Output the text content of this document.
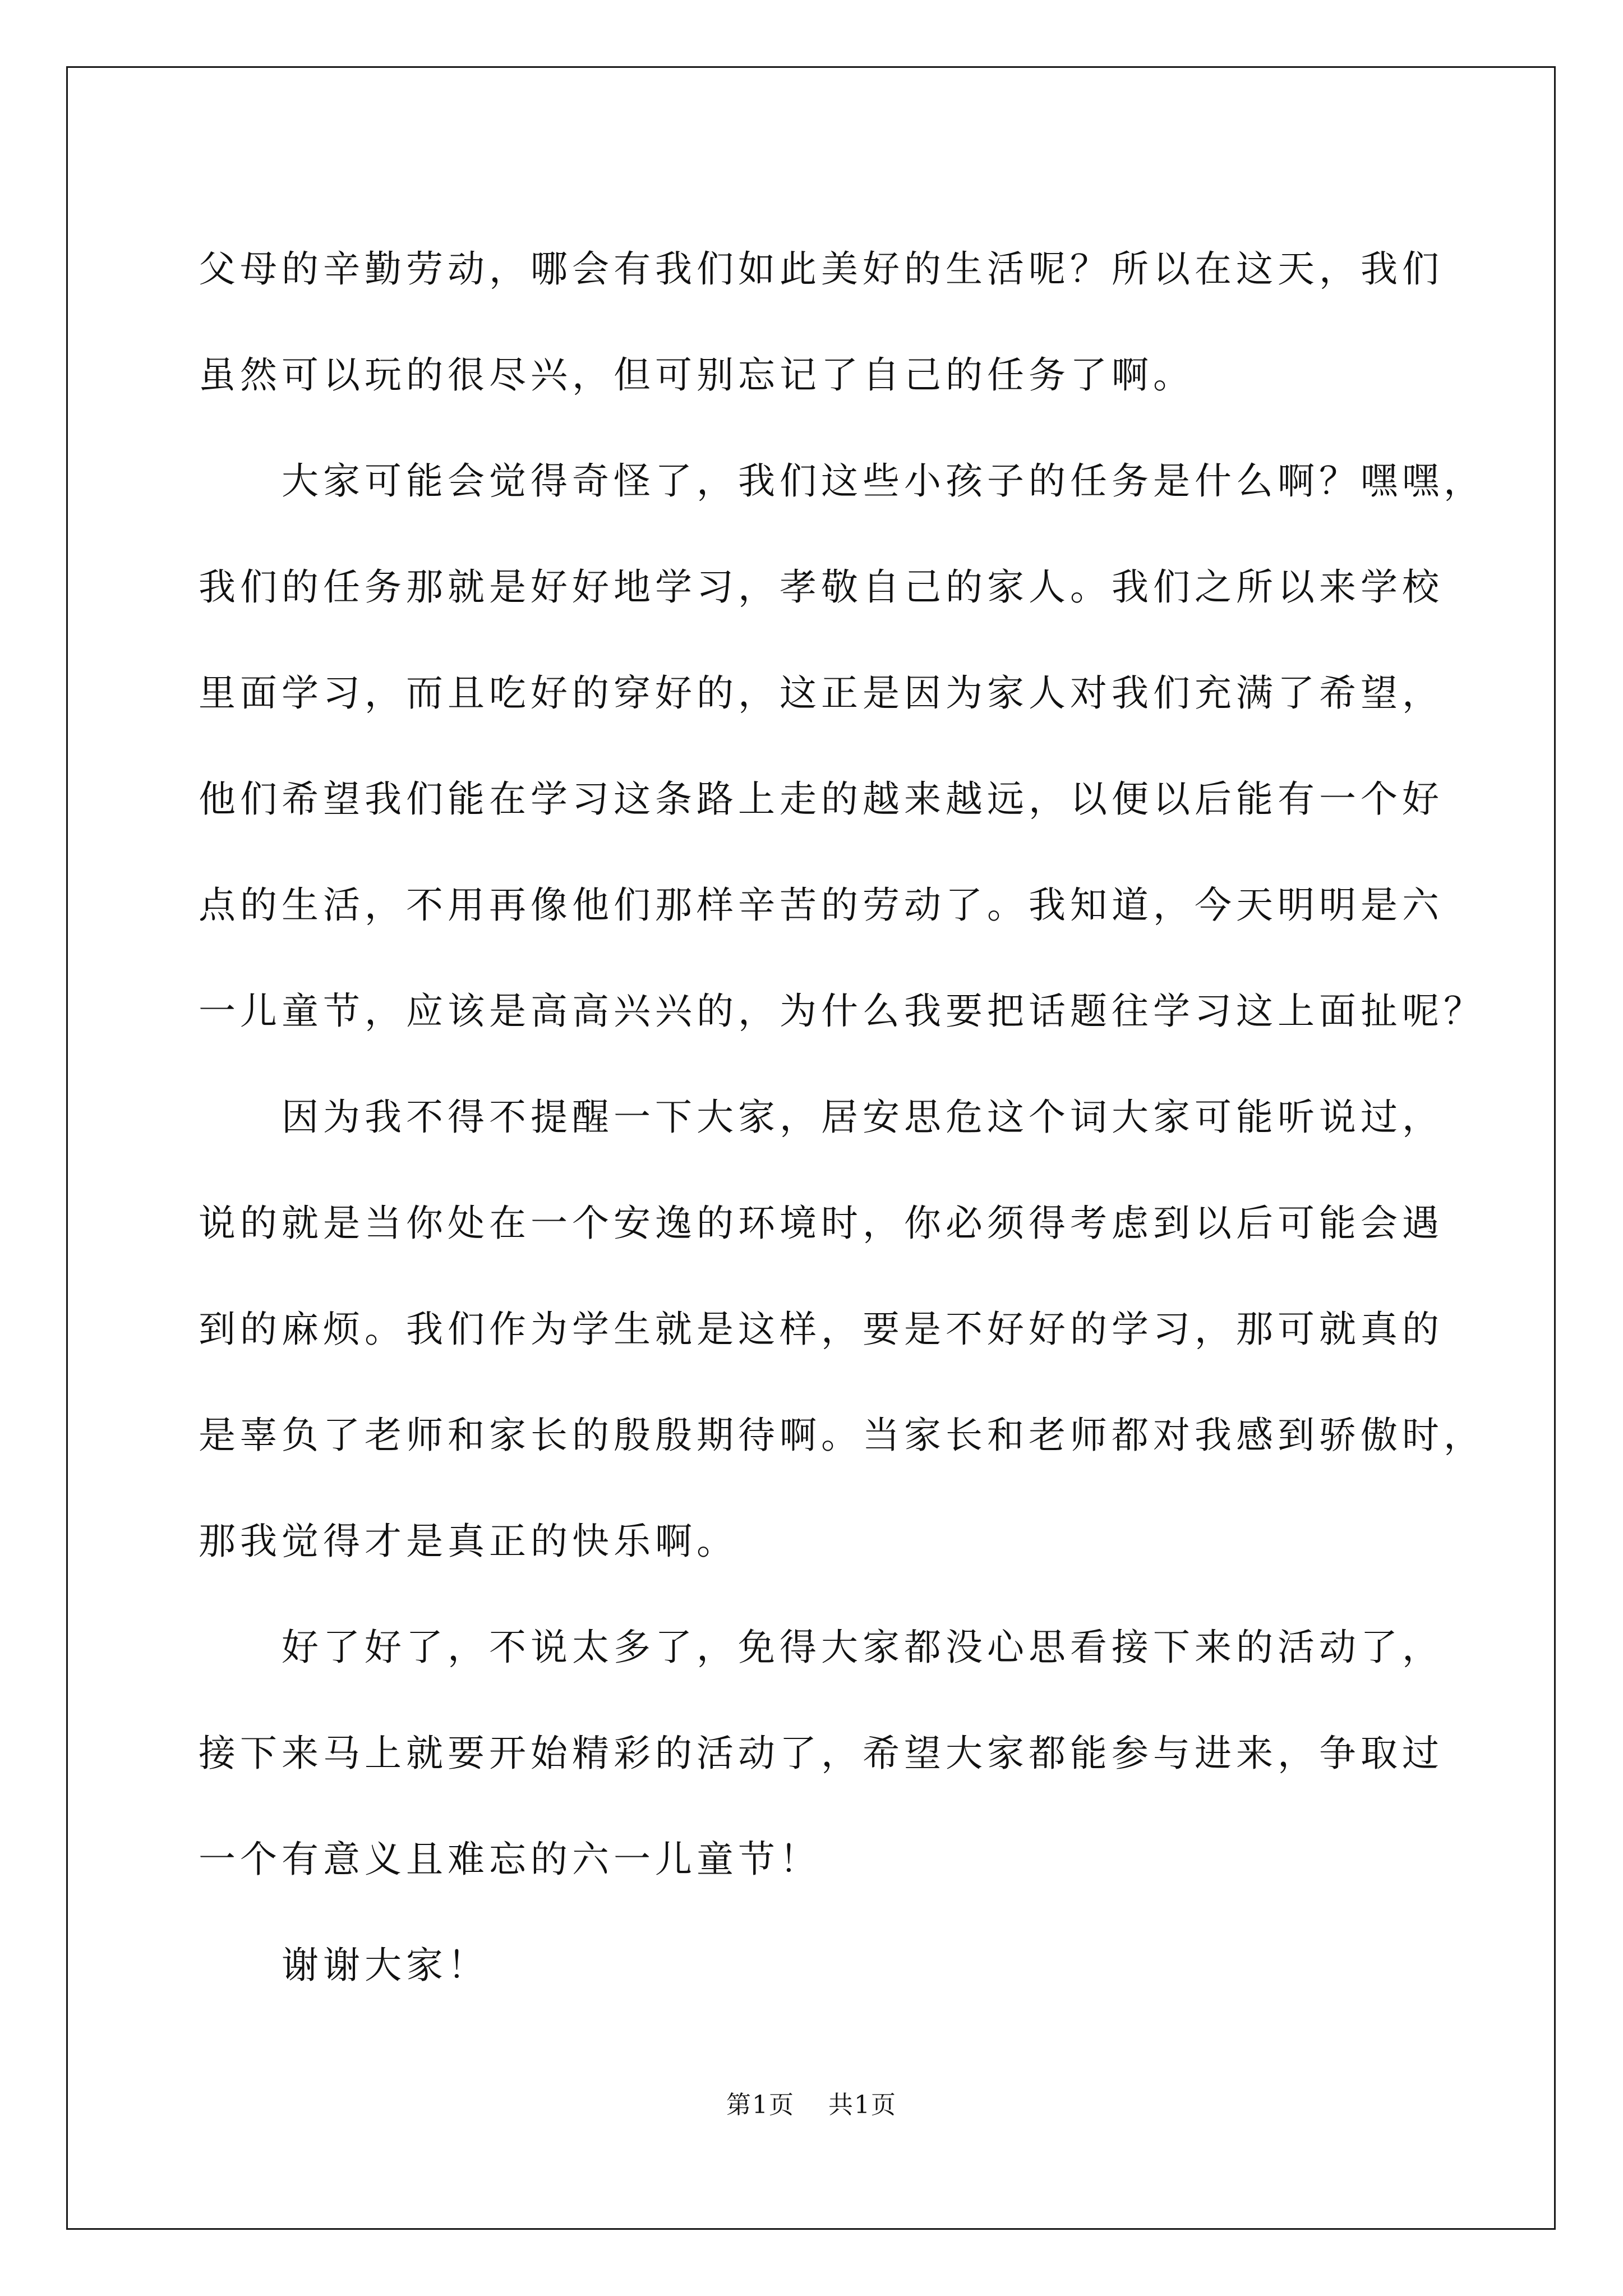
父母的辛勤劳动，哪会有我们如此美好的生活呢？所以在这天，我们
虽然可以玩的很尽兴，但可别忘记了自己的任务了啊。
大家可能会觉得奇怪了，我们这些小孩子的任务是什么啊？嘿嘿，
我们的任务那就是好好地学习，孝敬自己的家人。我们之所以来学校
里面学习，而且吃好的穿好的，这正是因为家人对我们充满了希望，
他们希望我们能在学习这条路上走的越来越远，以便以后能有一个好
点的生活，不用再像他们那样辛苦的劳动了。我知道，今天明明是六
一儿童节，应该是高高兴兴的，为什么我要把话题往学习这上面扯呢？
因为我不得不提醒一下大家，居安思危这个词大家可能听说过，
说的就是当你处在一个安逸的环境时，你必须得考虑到以后可能会遇
到的麻烦。我们作为学生就是这样，要是不好好的学习，那可就真的
是辜负了老师和家长的殷殷期待啊。当家长和老师都对我感到骄傲时，
那我觉得才是真正的快乐啊。
好了好了，不说太多了，免得大家都没心思看接下来的活动了，
接下来马上就要开始精彩的活动了，希望大家都能参与进来，争取过
一个有意义且难忘的六一儿童节！
谢谢大家！
第1页 共1页
